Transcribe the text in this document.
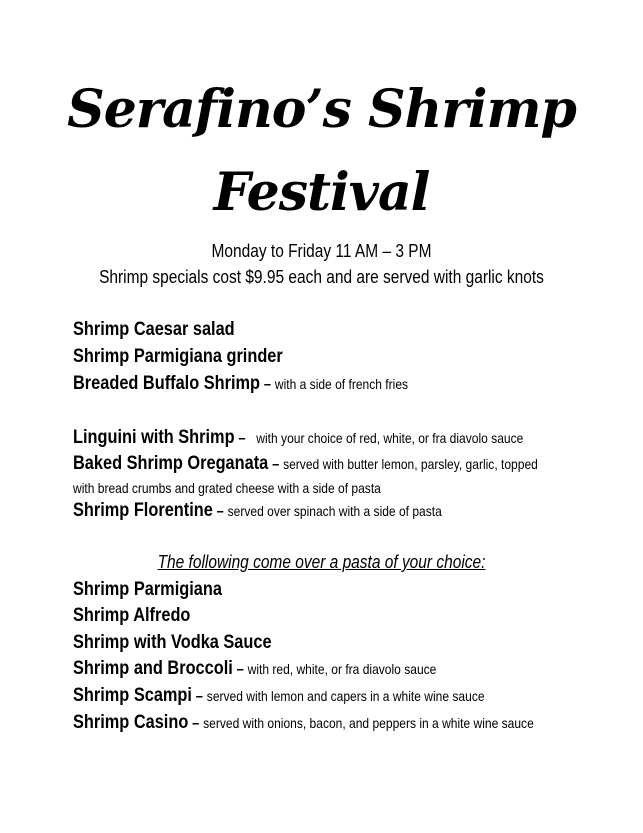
Serafino’s Shrimp
Festival
Monday to Friday 11 AM – 3 PM
Shrimp specials cost $9.95 each and are served with garlic knots
Shrimp Caesar salad
Shrimp Parmigiana grinder
Breaded Buffalo Shrimp – with a side of french fries
Linguini with Shrimp – with your choice of red, white, or fra diavolo sauce
Baked Shrimp Oreganata – served with butter lemon, parsley, garlic, topped
with bread crumbs and grated cheese with a side of pasta
Shrimp Florentine – served over spinach with a side of pasta
The following come over a pasta of your choice:
Shrimp Parmigiana
Shrimp Alfredo
Shrimp with Vodka Sauce
Shrimp and Broccoli – with red, white, or fra diavolo sauce
Shrimp Scampi – served with lemon and capers in a white wine sauce
Shrimp Casino – served with onions, bacon, and peppers in a white wine sauce
